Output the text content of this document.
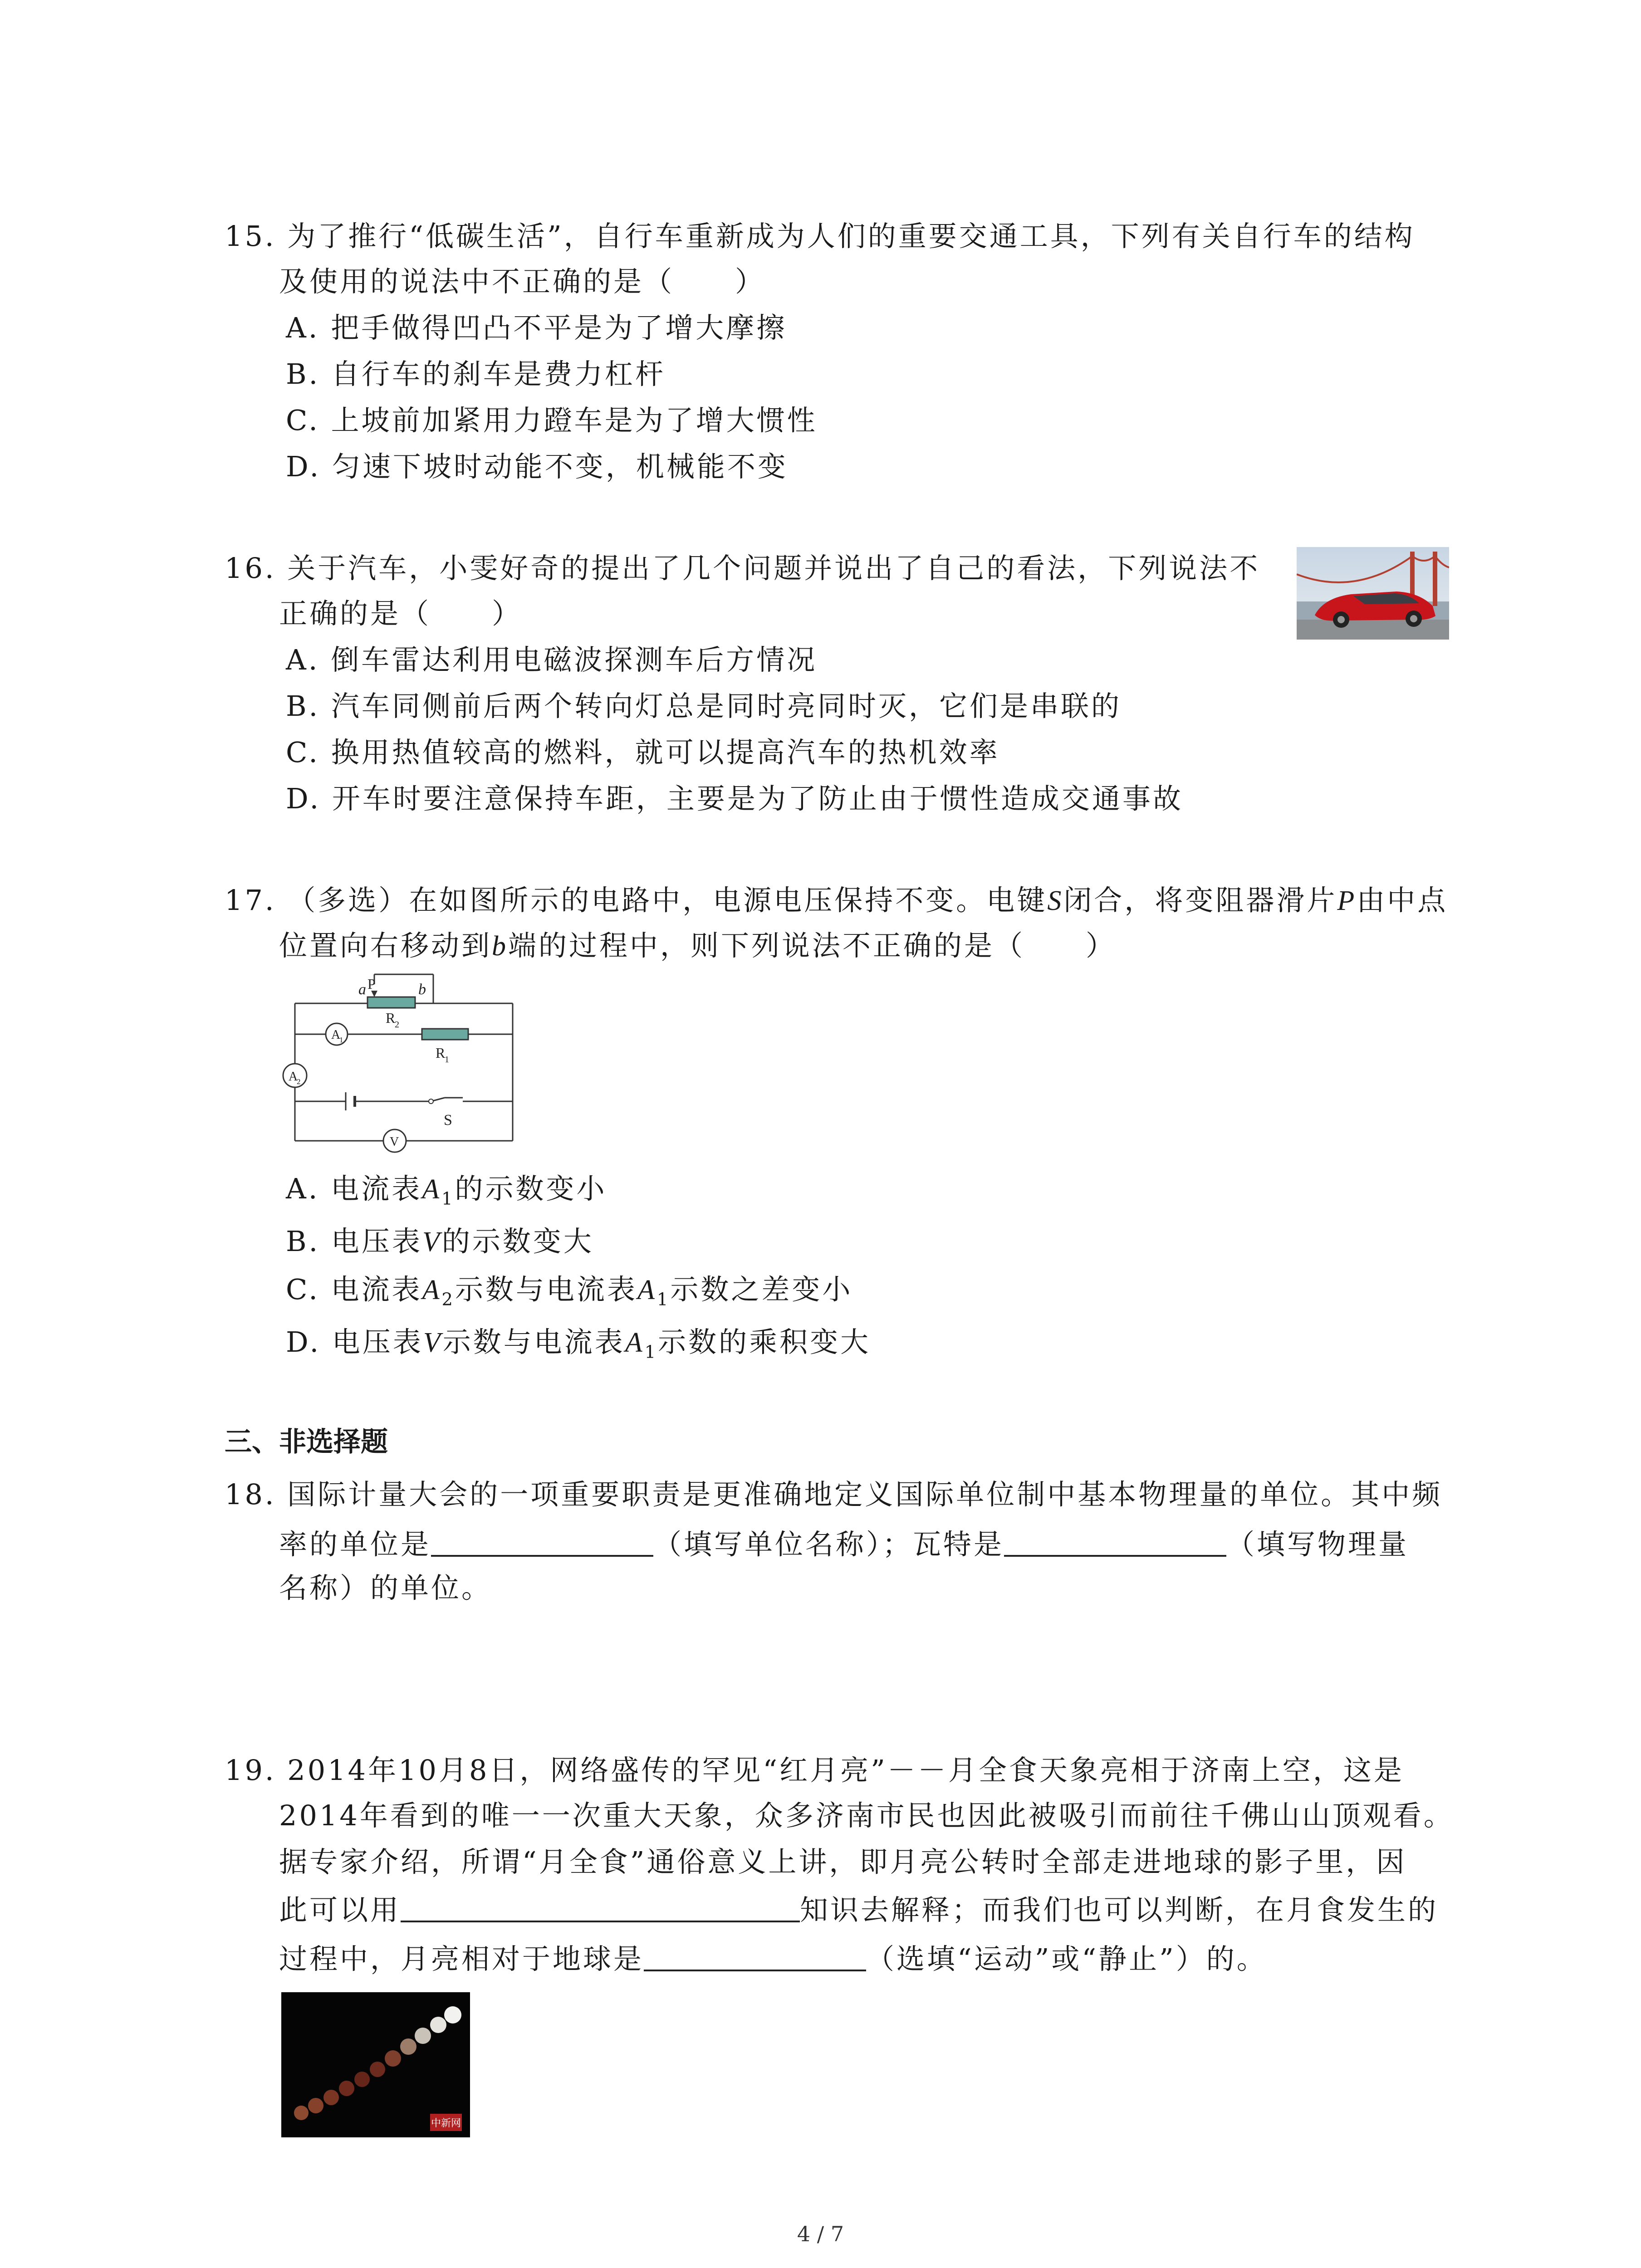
15. 为了推行“低碳生活”，自行车重新成为人们的重要交通工具，下列有关自行车的结构
及使用的说法中不正确的是（　　）
A. 把手做得凹凸不平是为了增大摩擦
B. 自行车的刹车是费力杠杆
C. 上坡前加紧用力蹬车是为了增大惯性
D. 匀速下坡时动能不变，机械能不变
16. 关于汽车，小雯好奇的提出了几个问题并说出了自己的看法，下列说法不
正确的是（　　）
A. 倒车雷达利用电磁波探测车后方情况
B. 汽车同侧前后两个转向灯总是同时亮同时灭，它们是串联的
C. 换用热值较高的燃料，就可以提高汽车的热机效率
D. 开车时要注意保持车距，主要是为了防止由于惯性造成交通事故
17. （多选）在如图所示的电路中，电源电压保持不变。电键S闭合，将变阻器滑片P由中点
位置向右移动到b端的过程中，则下列说法不正确的是（　　）
a P	b
R
2
A
1
A
2
R
1
S
V
A. 电流表$A_1$的示数变小
B. 电压表V的示数变大
C. 电流表$A_2$示数与电流表$A_1$示数之差变小
D. 电压表V示数与电流表$A_1$示数的乘积变大
三、非选择题
18. 国际计量大会的一项重要职责是更准确地定义国际单位制中基本物理量的单位。其中频
率的单位是	（填写单位名称）；瓦特是	（填写物理量
名称）的单位。
19. 2014年10月8日，网络盛传的罕见“红月亮”－－月全食天象亮相于济南上空，这是
2014年看到的唯一一次重大天象，众多济南市民也因此被吸引而前往千佛山山顶观看。
据专家介绍，所谓“月全食”通俗意义上讲，即月亮公转时全部走进地球的影子里，因
此可以用	知识去解释；而我们也可以判断，在月食发生的
过程中，月亮相对于地球是	（选填“运动”或“静止”）的。
中新网
4 / 7
